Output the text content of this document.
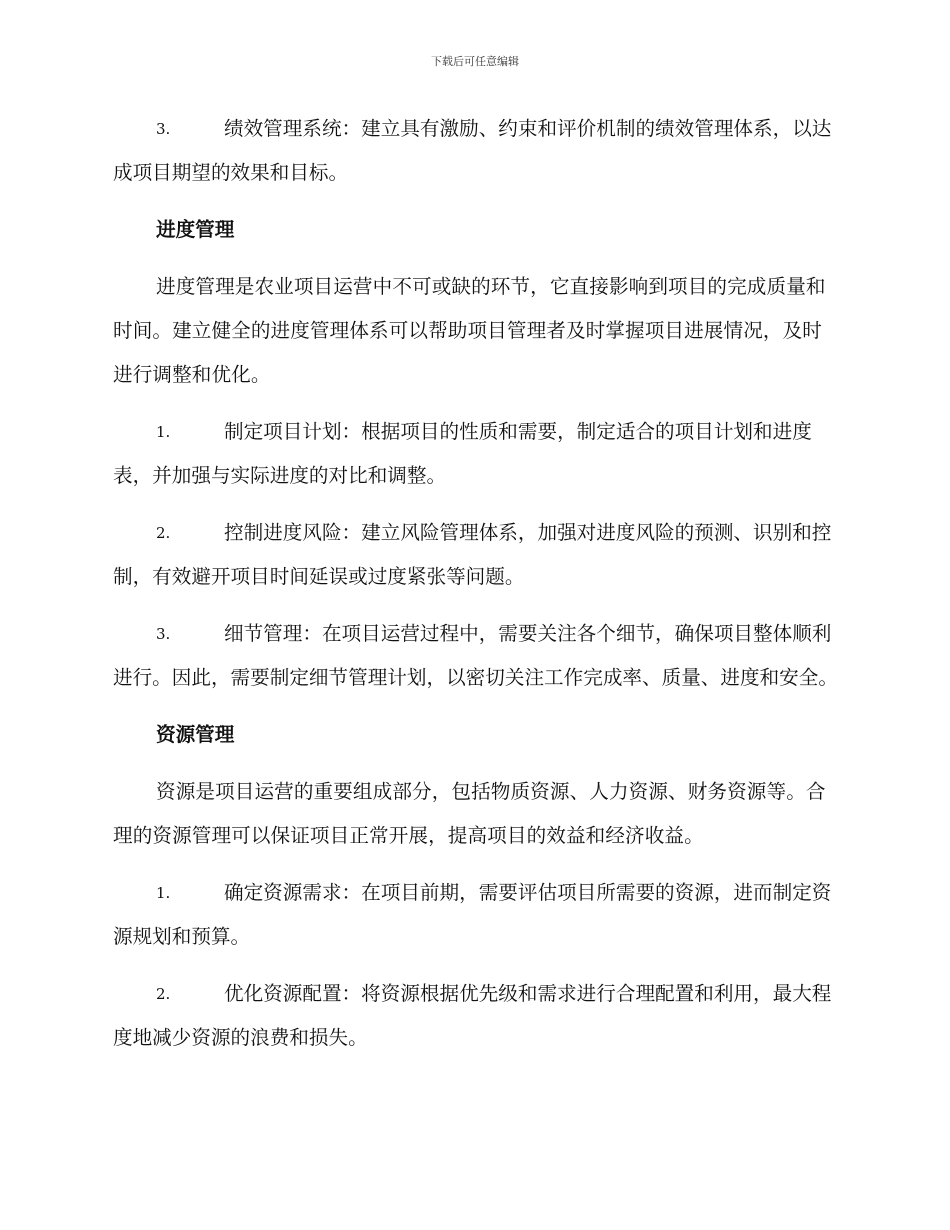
下载后可任意编辑
3.	绩效管理系统：建立具有激励、约束和评价机制的绩效管理体系，以达成项目期望的效果和目标。
进度管理
进度管理是农业项目运营中不可或缺的环节，它直接影响到项目的完成质量和时间。建立健全的进度管理体系可以帮助项目管理者及时掌握项目进展情况，及时进行调整和优化。
1.	制定项目计划：根据项目的性质和需要，制定适合的项目计划和进度表，并加强与实际进度的对比和调整。
2.	控制进度风险：建立风险管理体系，加强对进度风险的预测、识别和控制，有效避开项目时间延误或过度紧张等问题。
3.	细节管理：在项目运营过程中，需要关注各个细节，确保项目整体顺利进行。因此，需要制定细节管理计划，以密切关注工作完成率、质量、进度和安全。
资源管理
资源是项目运营的重要组成部分，包括物质资源、人力资源、财务资源等。合理的资源管理可以保证项目正常开展，提高项目的效益和经济收益。
1.	确定资源需求：在项目前期，需要评估项目所需要的资源，进而制定资源规划和预算。
2.	优化资源配置：将资源根据优先级和需求进行合理配置和利用，最大程度地减少资源的浪费和损失。
